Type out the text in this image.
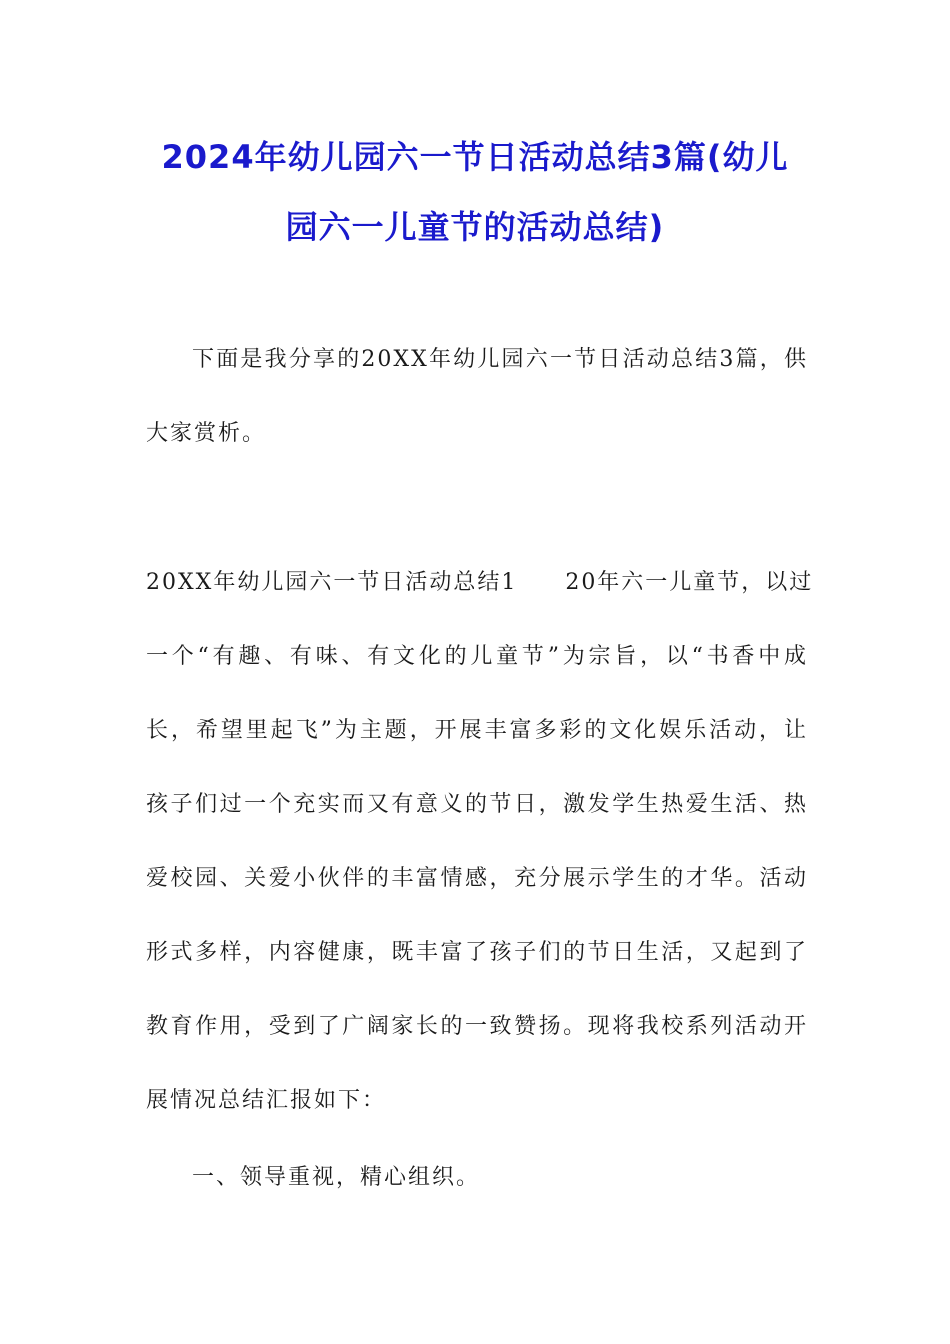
2024年幼儿园六一节日活动总结3篇(幼儿
园六一儿童节的活动总结)
下面是我分享的20XX年幼儿园六一节日活动总结3篇，供
大家赏析。
20XX年幼儿园六一节日活动总结1　　20年六一儿童节，以过
一个“有趣、有味、有文化的儿童节”为宗旨，以“书香中成
长，希望里起飞”为主题，开展丰富多彩的文化娱乐活动，让
孩子们过一个充实而又有意义的节日，激发学生热爱生活、热
爱校园、关爱小伙伴的丰富情感，充分展示学生的才华。活动
形式多样，内容健康，既丰富了孩子们的节日生活，又起到了
教育作用，受到了广阔家长的一致赞扬。现将我校系列活动开
展情况总结汇报如下：
一、领导重视，精心组织。
